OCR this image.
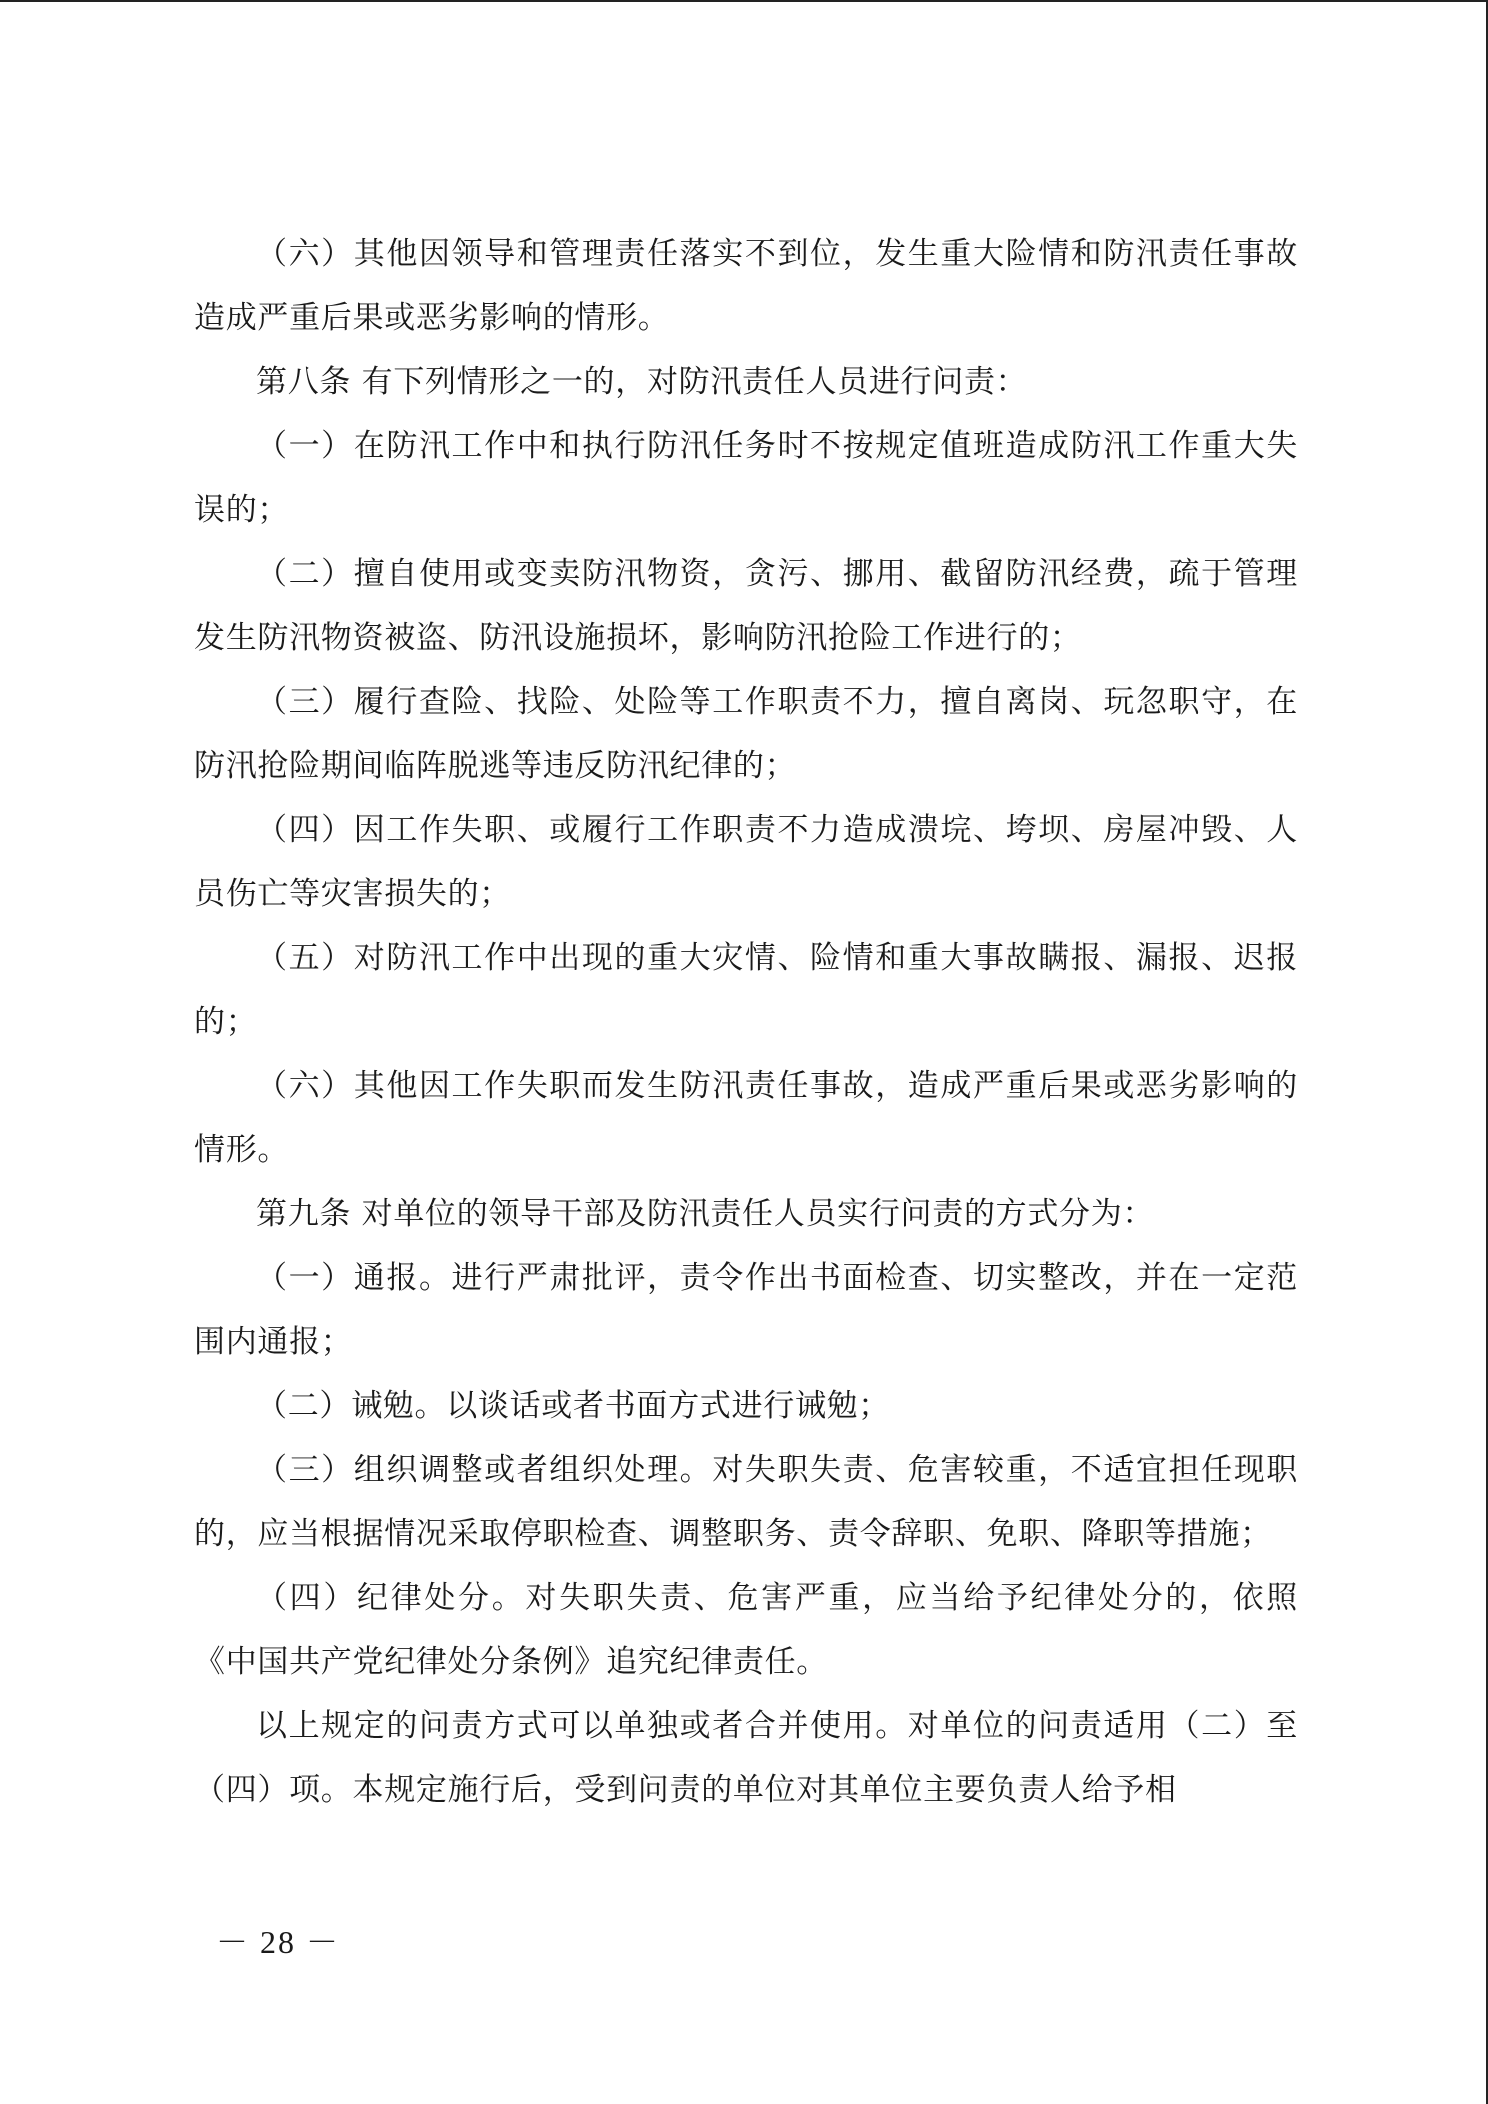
（六）其他因领导和管理责任落实不到位，发生重大险情和防汛责任事故造成严重后果或恶劣影响的情形。

第八条 有下列情形之一的，对防汛责任人员进行问责：

（一）在防汛工作中和执行防汛任务时不按规定值班造成防汛工作重大失误的；

（二）擅自使用或变卖防汛物资，贪污、挪用、截留防汛经费，疏于管理发生防汛物资被盗、防汛设施损坏，影响防汛抢险工作进行的；

（三）履行查险、找险、处险等工作职责不力，擅自离岗、玩忽职守，在防汛抢险期间临阵脱逃等违反防汛纪律的；

（四）因工作失职、或履行工作职责不力造成溃垸、垮坝、房屋冲毁、人员伤亡等灾害损失的；

（五）对防汛工作中出现的重大灾情、险情和重大事故瞒报、漏报、迟报的；

（六）其他因工作失职而发生防汛责任事故，造成严重后果或恶劣影响的情形。

第九条 对单位的领导干部及防汛责任人员实行问责的方式分为：

（一）通报。进行严肃批评，责令作出书面检查、切实整改，并在一定范围内通报；

（二）诫勉。以谈话或者书面方式进行诫勉；

（三）组织调整或者组织处理。对失职失责、危害较重，不适宜担任现职的，应当根据情况采取停职检查、调整职务、责令辞职、免职、降职等措施；

（四）纪律处分。对失职失责、危害严重，应当给予纪律处分的，依照《中国共产党纪律处分条例》追究纪律责任。

以上规定的问责方式可以单独或者合并使用。对单位的问责适用（二）至（四）项。本规定施行后，受到问责的单位对其单位主要负责人给予相

－ 28 －
